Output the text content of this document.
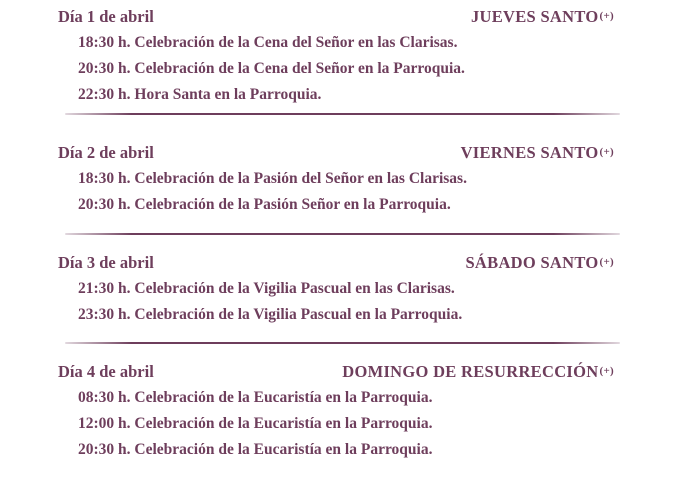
Día 1 de abril	JUEVES SANTO(+)
18:30 h. Celebración de la Cena del Señor en las Clarisas.
20:30 h. Celebración de la Cena del Señor en la Parroquia.
22:30 h. Hora Santa en la Parroquia.
Día 2 de abril	VIERNES SANTO(+)
18:30 h. Celebración de la Pasión del Señor en las Clarisas.
20:30 h. Celebración de la Pasión Señor en la Parroquia.
Día 3 de abril	SÁBADO SANTO(+)
21:30 h. Celebración de la Vigilia Pascual en las Clarisas.
23:30 h. Celebración de la Vigilia Pascual en la Parroquia.
Día 4 de abril	DOMINGO DE RESURRECCIÓN(+)
08:30 h. Celebración de la Eucaristía en la Parroquia.
12:00 h. Celebración de la Eucaristía en la Parroquia.
20:30 h. Celebración de la Eucaristía en la Parroquia.
